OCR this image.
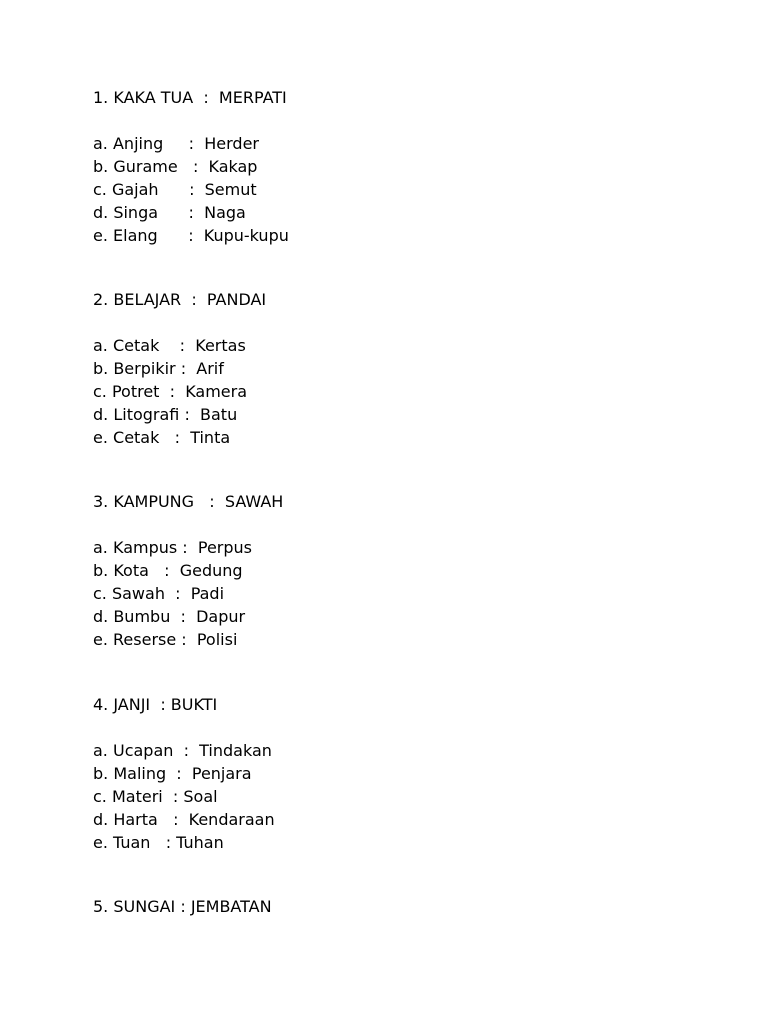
1. KAKA TUA  :  MERPATI

a. Anjing     :  Herder

b. Gurame   :  Kakap

c. Gajah      :  Semut

d. Singa      :  Naga

e. Elang      :  Kupu-kupu

2. BELAJAR  :  PANDAI

a. Cetak    :  Kertas

b. Berpikir :  Arif

c. Potret  :  Kamera

d. Litografi :  Batu

e. Cetak   :  Tinta

3. KAMPUNG   :  SAWAH

a. Kampus :  Perpus

b. Kota   :  Gedung

c. Sawah  :  Padi

d. Bumbu  :  Dapur

e. Reserse :  Polisi

4. JANJI  : BUKTI

a. Ucapan  :  Tindakan

b. Maling  :  Penjara

c. Materi  : Soal

d. Harta   :  Kendaraan

e. Tuan   : Tuhan

5. SUNGAI : JEMBATAN
